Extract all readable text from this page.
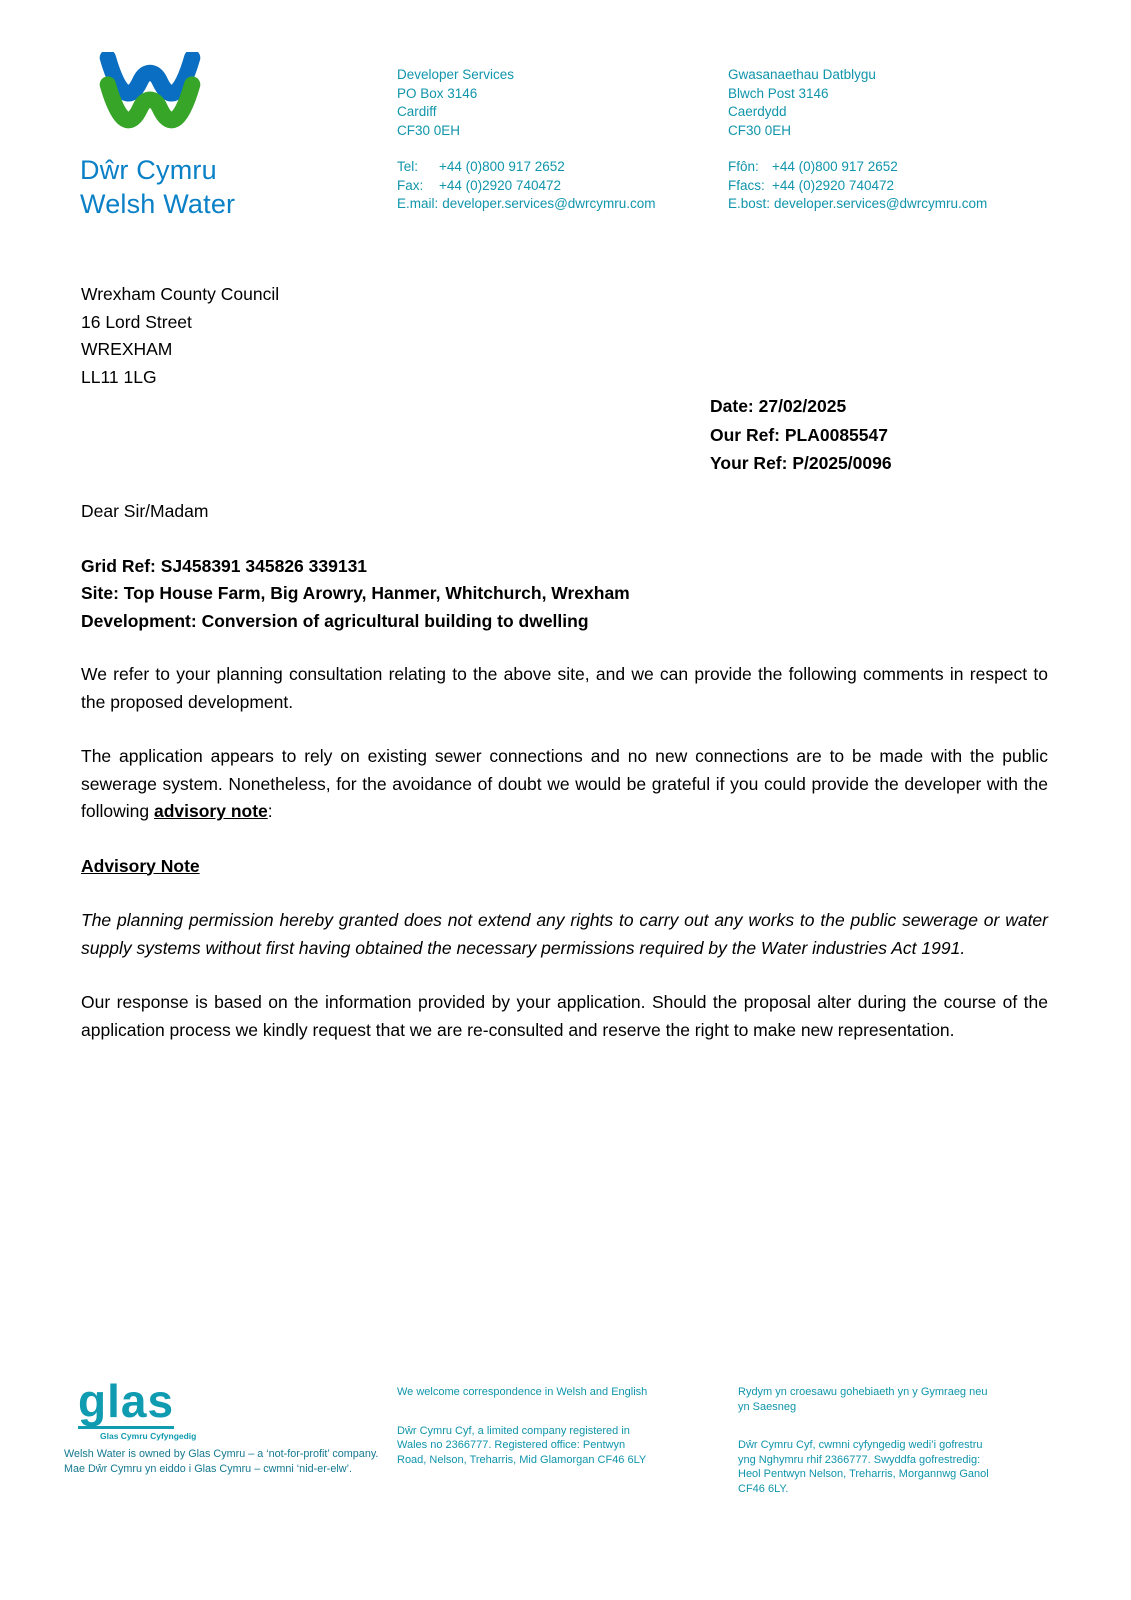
Dŵr Cymru
Welsh Water
Developer Services
PO Box 3146
Cardiff
CF30 0EH
Tel: +44 (0)800 917 2652
Fax: +44 (0)2920 740472
E.mail: developer.services@dwrcymru.com
Gwasanaethau Datblygu
Blwch Post 3146
Caerdydd
CF30 0EH
Ffôn: +44 (0)800 917 2652
Ffacs: +44 (0)2920 740472
E.bost: developer.services@dwrcymru.com
Wrexham County Council
16 Lord Street
WREXHAM
LL11 1LG
Date: 27/02/2025
Our Ref: PLA0085547
Your Ref: P/2025/0096
Dear Sir/Madam
Grid Ref: SJ458391 345826 339131
Site: Top House Farm, Big Arowry, Hanmer, Whitchurch, Wrexham
Development: Conversion of agricultural building to dwelling

We refer to your planning consultation relating to the above site, and we can provide the following comments in respect to the proposed development.

The application appears to rely on existing sewer connections and no new connections are to be made with the public sewerage system. Nonetheless, for the avoidance of doubt we would be grateful if you could provide the developer with the following advisory note:

Advisory Note

The planning permission hereby granted does not extend any rights to carry out any works to the public sewerage or water supply systems without first having obtained the necessary permissions required by the Water industries Act 1991.

Our response is based on the information provided by your application. Should the proposal alter during the course of the application process we kindly request that we are re-consulted and reserve the right to make new representation.

glas
Glas Cymru Cyfyngedig
Welsh Water is owned by Glas Cymru – a ‘not-for-profit’ company.
Mae Dŵr Cymru yn eiddo i Glas Cymru – cwmni ‘nid-er-elw’.
We welcome correspondence in Welsh and English
Dŵr Cymru Cyf, a limited company registered in Wales no 2366777. Registered office: Pentwyn Road, Nelson, Treharris, Mid Glamorgan CF46 6LY
Rydym yn croesawu gohebiaeth yn y Gymraeg neu yn Saesneg
Dŵr Cymru Cyf, cwmni cyfyngedig wedi’i gofrestru yng Nghymru rhif 2366777. Swyddfa gofrestredig: Heol Pentwyn Nelson, Treharris, Morgannwg Ganol CF46 6LY.
